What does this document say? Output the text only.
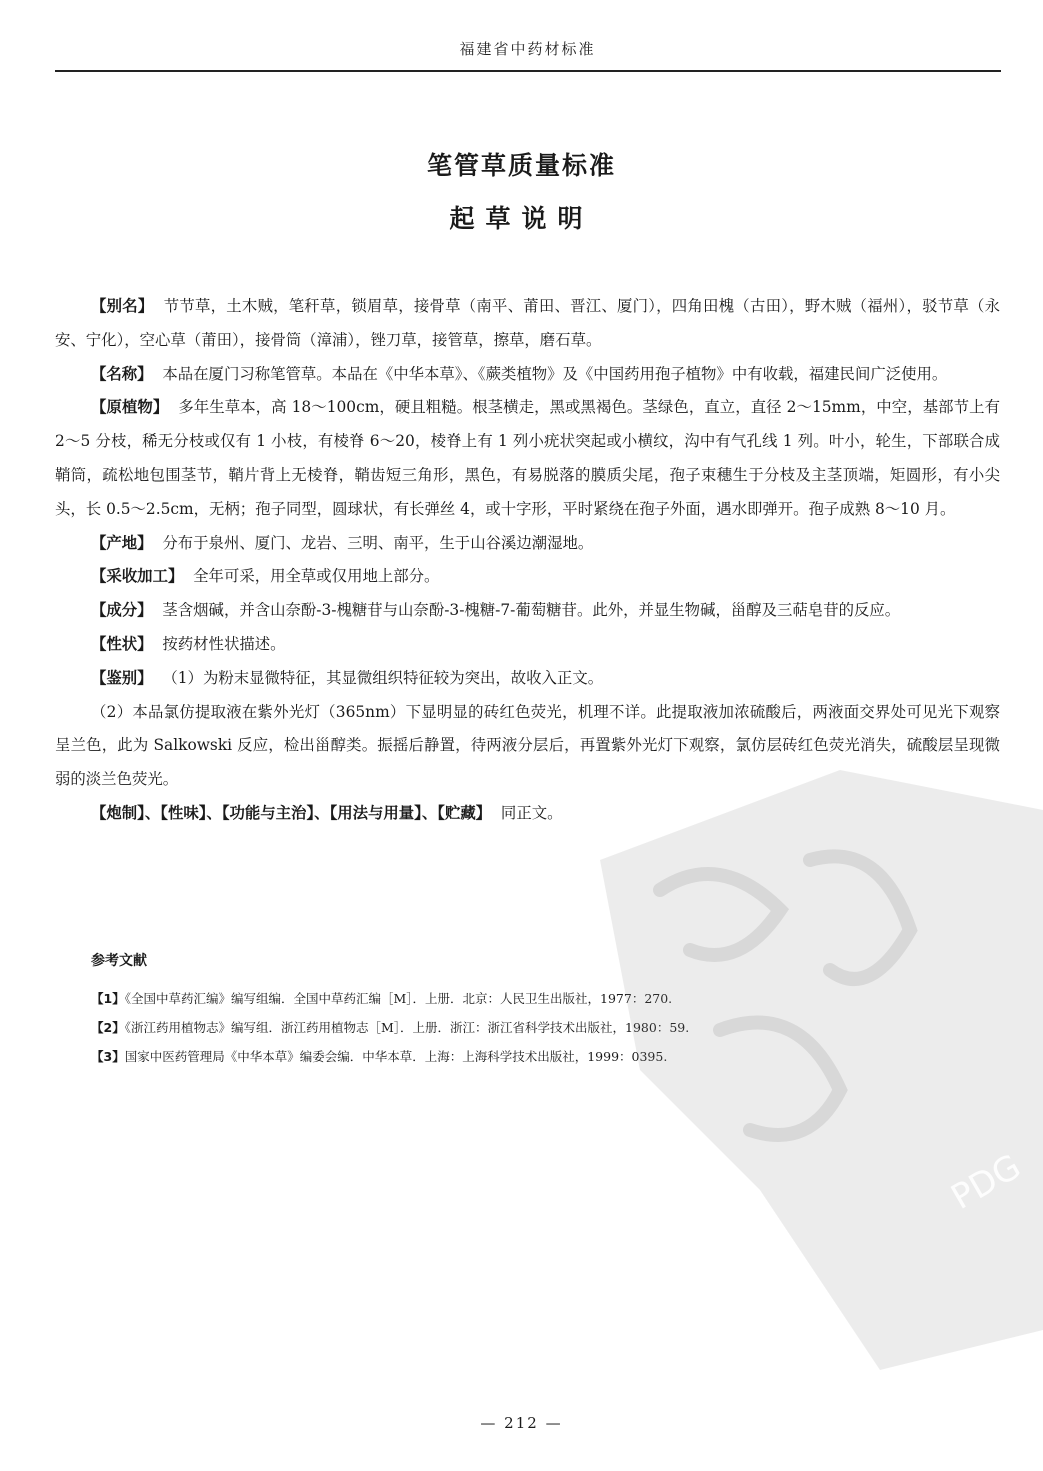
福建省中药材标准
笔管草质量标准
起草说明

【别名】 节节草，土木贼，笔秆草，锁眉草，接骨草（南平、莆田、晋江、厦门），四角田槐（古田），野木贼（福州），驳节草（永安、宁化），空心草（莆田），接骨筒（漳浦），锉刀草，接管草，擦草，磨石草。

【名称】 本品在厦门习称笔管草。本品在《中华本草》、《蕨类植物》及《中国药用孢子植物》中有收载，福建民间广泛使用。

【原植物】 多年生草本，高 18～100cm，硬且粗糙。根茎横走，黑或黑褐色。茎绿色，直立，直径 2～15mm，中空，基部节上有 2～5 分枝，稀无分枝或仅有 1 小枝，有棱脊 6～20，棱脊上有 1 列小疣状突起或小横纹，沟中有气孔线 1 列。叶小，轮生，下部联合成鞘筒，疏松地包围茎节，鞘片背上无棱脊，鞘齿短三角形，黑色，有易脱落的膜质尖尾，孢子束穗生于分枝及主茎顶端，矩圆形，有小尖头，长 0.5～2.5cm，无柄；孢子同型，圆球状，有长弹丝 4，或十字形，平时紧绕在孢子外面，遇水即弹开。孢子成熟 8～10 月。

【产地】 分布于泉州、厦门、龙岩、三明、南平，生于山谷溪边潮湿地。

【采收加工】 全年可采，用全草或仅用地上部分。

【成分】 茎含烟碱，并含山奈酚-3-槐糖苷与山奈酚-3-槐糖-7-葡萄糖苷。此外，并显生物碱，甾醇及三萜皂苷的反应。

【性状】 按药材性状描述。

【鉴别】 （1）为粉末显微特征，其显微组织特征较为突出，故收入正文。

（2）本品氯仿提取液在紫外光灯（365nm）下显明显的砖红色荧光，机理不详。此提取液加浓硫酸后，两液面交界处可见光下观察呈兰色，此为 Salkowski 反应，检出甾醇类。振摇后静置，待两液分层后，再置紫外光灯下观察，氯仿层砖红色荧光消失，硫酸层呈现微弱的淡兰色荧光。

【炮制】、【性味】、【功能与主治】、【用法与用量】、【贮藏】 同正文。

参考文献
【1】《全国中草药汇编》编写组编．全国中草药汇编［M］．上册．北京：人民卫生出版社，1977：270.
【2】《浙江药用植物志》编写组．浙江药用植物志［M］．上册．浙江：浙江省科学技术出版社，1980：59.
【3】国家中医药管理局《中华本草》编委会编．中华本草．上海：上海科学技术出版社，1999：0395.
PDG
— 212 —
